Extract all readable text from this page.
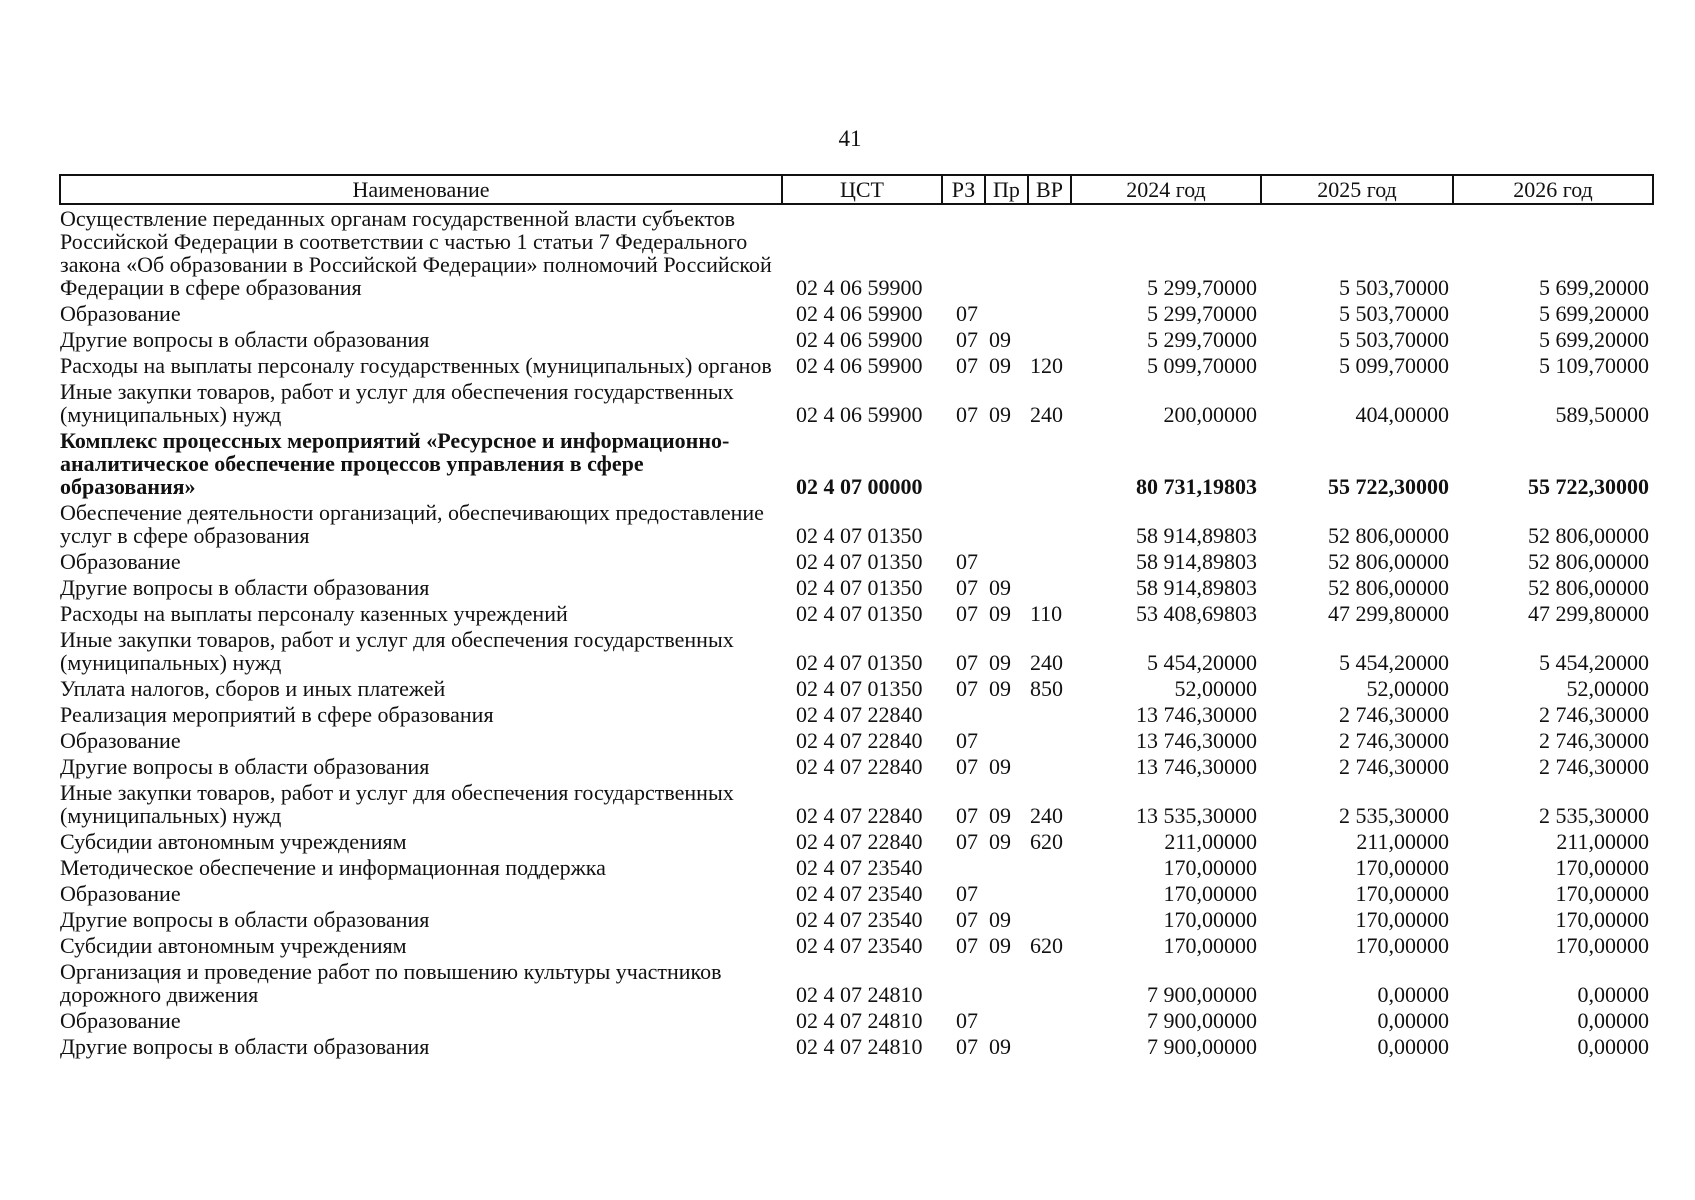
41
Наименование	ЦСТ	РЗ	Пр	ВР	2024 год	2025 год	2026 год
Осуществление переданных органам государственной власти субъектов Российской Федерации в соответствии с частью 1 статьи 7 Федерального закона «Об образовании в Российской Федерации» полномочий Российской Федерации в сфере образования	02 4 06 59900				5 299,70000	5 503,70000	5 699,20000
Образование	02 4 06 59900	07			5 299,70000	5 503,70000	5 699,20000
Другие вопросы в области образования	02 4 06 59900	07	09		5 299,70000	5 503,70000	5 699,20000
Расходы на выплаты персоналу государственных (муниципальных) органов	02 4 06 59900	07	09	120	5 099,70000	5 099,70000	5 109,70000
Иные закупки товаров, работ и услуг для обеспечения государственных (муниципальных) нужд	02 4 06 59900	07	09	240	200,00000	404,00000	589,50000
Комплекс процессных мероприятий «Ресурсное и информационно-аналитическое обеспечение процессов управления в сфере образования»	02 4 07 00000				80 731,19803	55 722,30000	55 722,30000
Обеспечение деятельности организаций, обеспечивающих предоставление услуг в сфере образования	02 4 07 01350				58 914,89803	52 806,00000	52 806,00000
Образование	02 4 07 01350	07			58 914,89803	52 806,00000	52 806,00000
Другие вопросы в области образования	02 4 07 01350	07	09		58 914,89803	52 806,00000	52 806,00000
Расходы на выплаты персоналу казенных учреждений	02 4 07 01350	07	09	110	53 408,69803	47 299,80000	47 299,80000
Иные закупки товаров, работ и услуг для обеспечения государственных (муниципальных) нужд	02 4 07 01350	07	09	240	5 454,20000	5 454,20000	5 454,20000
Уплата налогов, сборов и иных платежей	02 4 07 01350	07	09	850	52,00000	52,00000	52,00000
Реализация мероприятий в сфере образования	02 4 07 22840				13 746,30000	2 746,30000	2 746,30000
Образование	02 4 07 22840	07			13 746,30000	2 746,30000	2 746,30000
Другие вопросы в области образования	02 4 07 22840	07	09		13 746,30000	2 746,30000	2 746,30000
Иные закупки товаров, работ и услуг для обеспечения государственных (муниципальных) нужд	02 4 07 22840	07	09	240	13 535,30000	2 535,30000	2 535,30000
Субсидии автономным учреждениям	02 4 07 22840	07	09	620	211,00000	211,00000	211,00000
Методическое обеспечение и информационная поддержка	02 4 07 23540				170,00000	170,00000	170,00000
Образование	02 4 07 23540	07			170,00000	170,00000	170,00000
Другие вопросы в области образования	02 4 07 23540	07	09		170,00000	170,00000	170,00000
Субсидии автономным учреждениям	02 4 07 23540	07	09	620	170,00000	170,00000	170,00000
Организация и проведение работ по повышению культуры участников дорожного движения	02 4 07 24810				7 900,00000	0,00000	0,00000
Образование	02 4 07 24810	07			7 900,00000	0,00000	0,00000
Другие вопросы в области образования	02 4 07 24810	07	09		7 900,00000	0,00000	0,00000
